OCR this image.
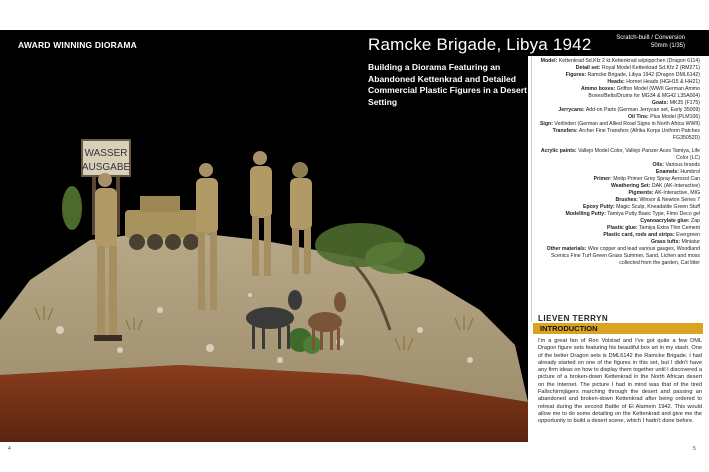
WASSER
AUSGABE
AWARD WINNING DIORAMA	Ramcke Brigade, Libya 1942	Scratch-built / Conversion
50mm (1/35)
Building a Diorama Featuring an Abandoned Kettenkrad and Detailed Commercial Plastic Figures in a Desert Setting
Model: Kettenkrad Sd.Kfz 2 kl.Kettenkrad w/piippchen (Dragon 6114)
Detail set: Royal Model Kettenkrad Sd.Kfz 2 (RM271)
Figures: Ramcke Brigade, Libya 1942 (Dragon DML6142)
Heads: Hornet Heads (HGH15 & HH21)
Ammo boxes: Griffon Model (WWII German Ammo Boxes/Belts/Drums for MG34 & MG42 L35A004)
Goats: MK35 (F175)
Jerrycans: Add-on Parts (German Jerrycan set, Early 35009)
Oil Tins: Plus Model (PLM106)
Sign: Verlinden (German and Allied Road Signs in North Africa WWII)
Transfers: Archer Fine Transfers (Afrika Korps Uniform Patches FG35052D)
Acrylic paints: Vallejo Model Color, Vallejo Panzer Aces Tamiya, Life Color (LC)
Oils: Various brands
Enamels: Humbrol
Primer: Motip Primer Grey Spray Aerosol Can
Weathering Set: DAK (AK-Interactive)
Pigments: AK-Interactive, MIG
Brushes: Winsor & Newton Series 7
Epoxy Putty: Magic Sculp, Kneadatite Green Stuff
Modelling Putty: Tamiya Putty Basic Type, Fimo Deco gel
Cyanoacrylate glue: Zap
Plastic glue: Tamiya Extra Thin Cement
Plastic card, rods and strips: Evergreen
Grass tufts: Miniatur
Other materials: Wire copper and lead various gauges, Woodland Scenics Fine Turf Green Grass Summer, Sand, Lichen and moss collected from the garden, Cat litter
LIEVEN TERRYN
INTRODUCTION
I'm a great fan of Ron Volstad and I've got quite a few DML Dragon figure sets featuring his beautiful box art in my stash. One of the better Dragon sets is DML6142 the Ramcke Brigade. I had already started on one of the figures in this set, but I didn't have any firm ideas on how to display them together until I discovered a picture of a broken-down Kettenkrad in the North African desert on the Internet. The picture I had in mind was that of the tired Fallschirmjägers marching through the desert and passing an abandoned and broken-down Kettenkrad after being ordered to retreat during the second Battle of El Alamein 1942. This would allow me to do some detailing on the Kettenkrad and give me the opportunity to build a desert scene, which I hadn't done before.
4	5
